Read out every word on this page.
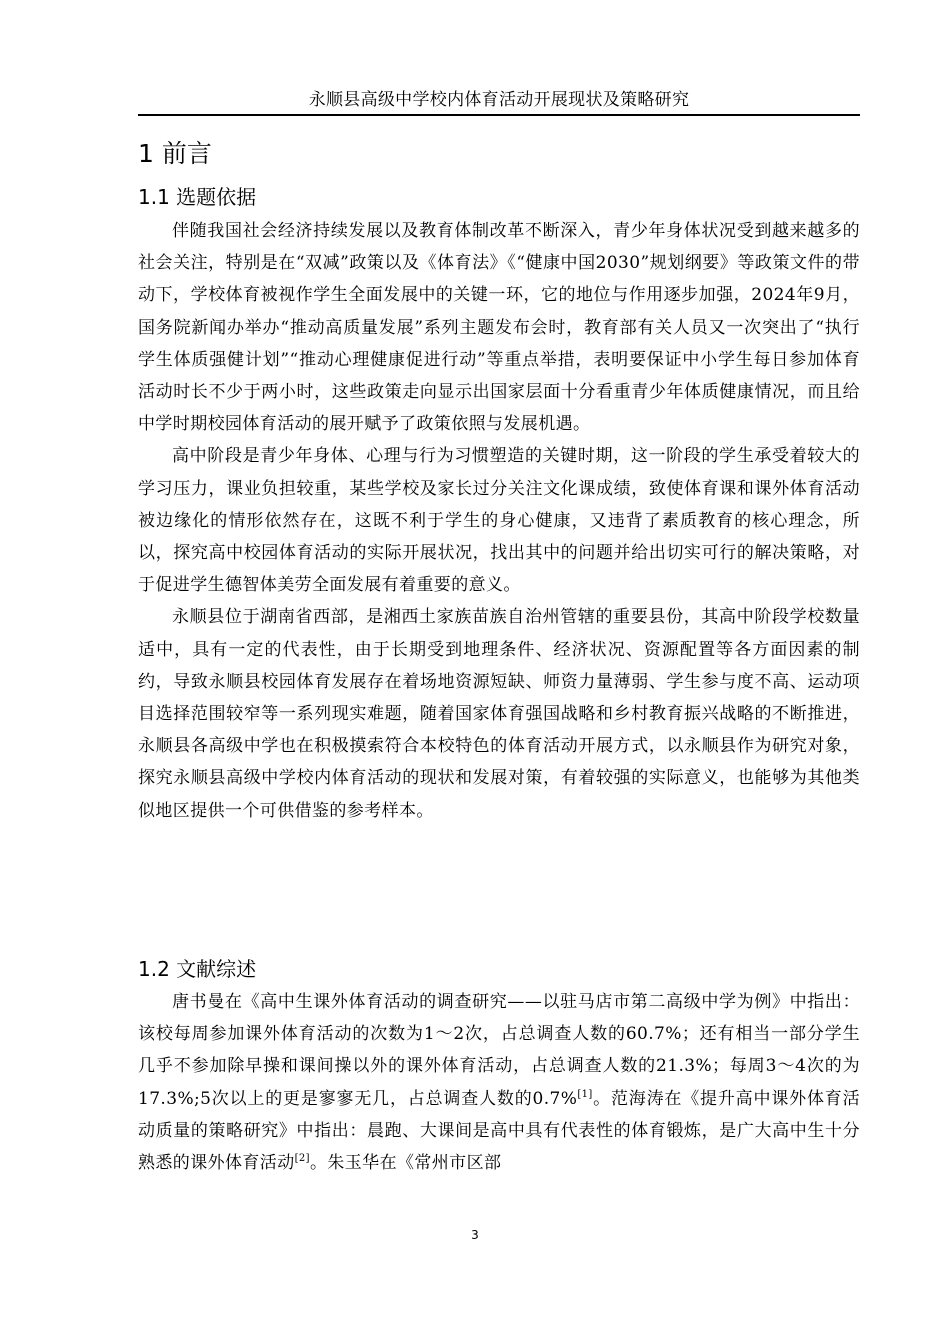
永顺县高级中学校内体育活动开展现状及策略研究
1 前言
1.1 选题依据

伴随我国社会经济持续发展以及教育体制改革不断深入，青少年身体状况受到越来越多的社会关注，特别是在“双减”政策以及《体育法》《“健康中国2030”规划纲要》等政策文件的带动下，学校体育被视作学生全面发展中的关键一环，它的地位与作用逐步加强，2024年9月，国务院新闻办举办“推动高质量发展”系列主题发布会时，教育部有关人员又一次突出了“执行学生体质强健计划”“推动心理健康促进行动”等重点举措，表明要保证中小学生每日参加体育活动时长不少于两小时，这些政策走向显示出国家层面十分看重青少年体质健康情况，而且给中学时期校园体育活动的展开赋予了政策依照与发展机遇。

高中阶段是青少年身体、心理与行为习惯塑造的关键时期，这一阶段的学生承受着较大的学习压力，课业负担较重，某些学校及家长过分关注文化课成绩，致使体育课和课外体育活动被边缘化的情形依然存在，这既不利于学生的身心健康，又违背了素质教育的核心理念，所以，探究高中校园体育活动的实际开展状况，找出其中的问题并给出切实可行的解决策略，对于促进学生德智体美劳全面发展有着重要的意义。

永顺县位于湖南省西部，是湘西土家族苗族自治州管辖的重要县份，其高中阶段学校数量适中，具有一定的代表性，由于长期受到地理条件、经济状况、资源配置等各方面因素的制约，导致永顺县校园体育发展存在着场地资源短缺、师资力量薄弱、学生参与度不高、运动项目选择范围较窄等一系列现实难题，随着国家体育强国战略和乡村教育振兴战略的不断推进，永顺县各高级中学也在积极摸索符合本校特色的体育活动开展方式，以永顺县作为研究对象，探究永顺县高级中学校内体育活动的现状和发展对策，有着较强的实际意义，也能够为其他类似地区提供一个可供借鉴的参考样本。

1.2 文献综述

唐书曼在《高中生课外体育活动的调查研究——以驻马店市第二高级中学为例》中指出：该校每周参加课外体育活动的次数为1～2次，占总调查人数的60.7%；还有相当一部分学生几乎不参加除早操和课间操以外的课外体育活动，占总调查人数的21.3%；每周3～4次的为17.3%;5次以上的更是寥寥无几，占总调查人数的0.7%[1]。范海涛在《提升高中课外体育活动质量的策略研究》中指出：晨跑、大课间是高中具有代表性的体育锻炼，是广大高中生十分熟悉的课外体育活动[2]。朱玉华在《常州市区部

3
